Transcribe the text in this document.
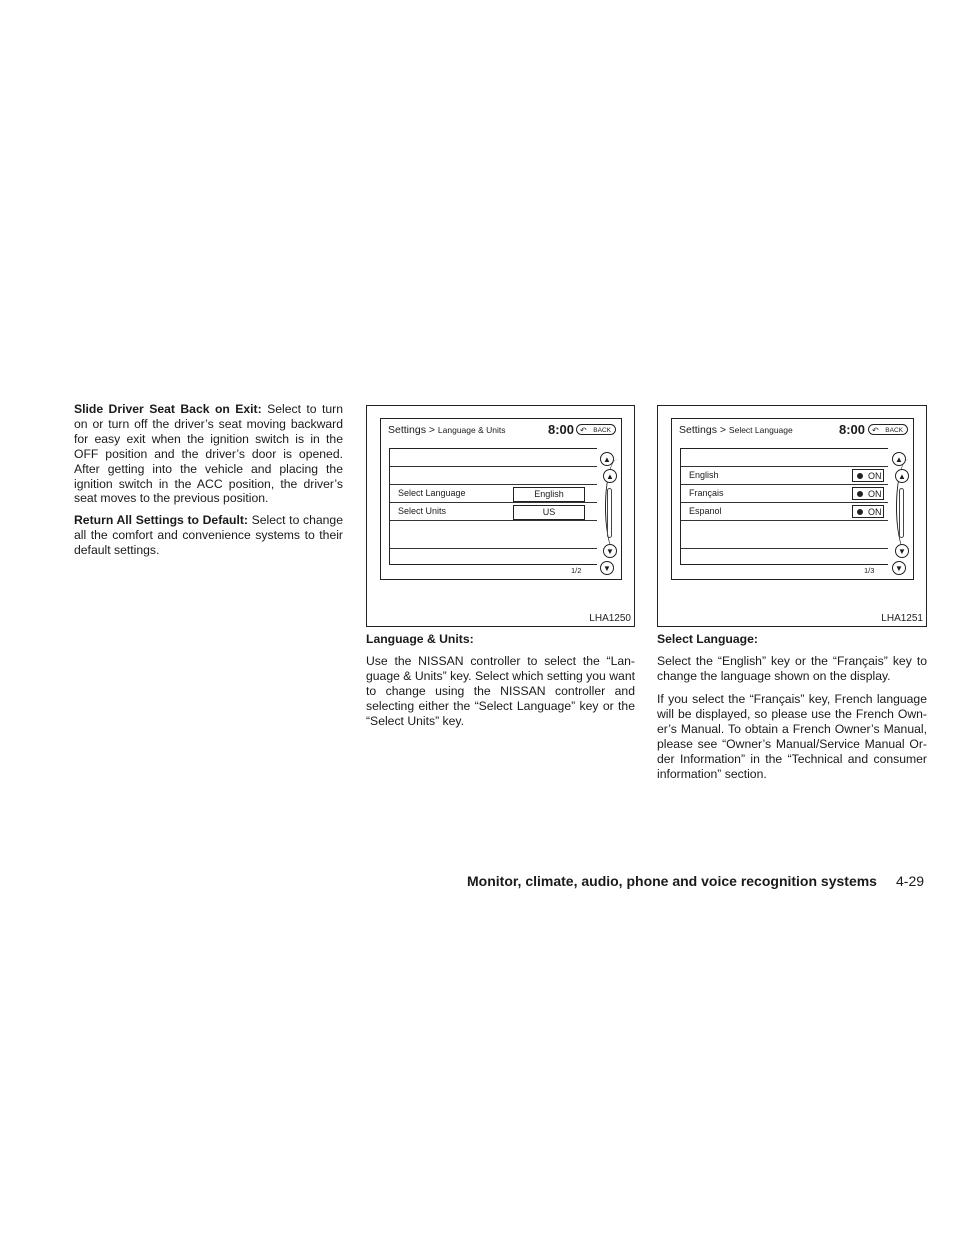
Slide Driver Seat Back on Exit: Select to turn on or turn off the driver’s seat moving backward for easy exit when the ignition switch is in the OFF position and the driver’s door is opened. After getting into the vehicle and placing the ignition switch in the ACC position, the driver’s seat moves to the previous position.

Return All Settings to Default: Select to change all the comfort and convenience systems to their default settings.

Settings > Language & Units	8:00	↶ BACK
Select Language	English
Select Units	US
▲
▲
▼
▼
1/2
LHA1250
Settings > Select Language	8:00	↶ BACK
English	ON
Français	ON
Espanol	ON
▲
▲
▼
▼
1/3
LHA1251

Language & Units:

Use the NISSAN controller to select the “Lan-guage & Units” key. Select which setting you want to change using the NISSAN controller and selecting either the “Select Language” key or the “Select Units” key.

Select Language:

Select the “English” key or the “Français” key to change the language shown on the display.

If you select the “Français” key, French language will be displayed, so please use the French Own-er’s Manual. To obtain a French Owner’s Manual, please see “Owner’s Manual/Service Manual Or-der Information” in the “Technical and consumer information” section.

Monitor, climate, audio, phone and voice recognition systems 4-29
